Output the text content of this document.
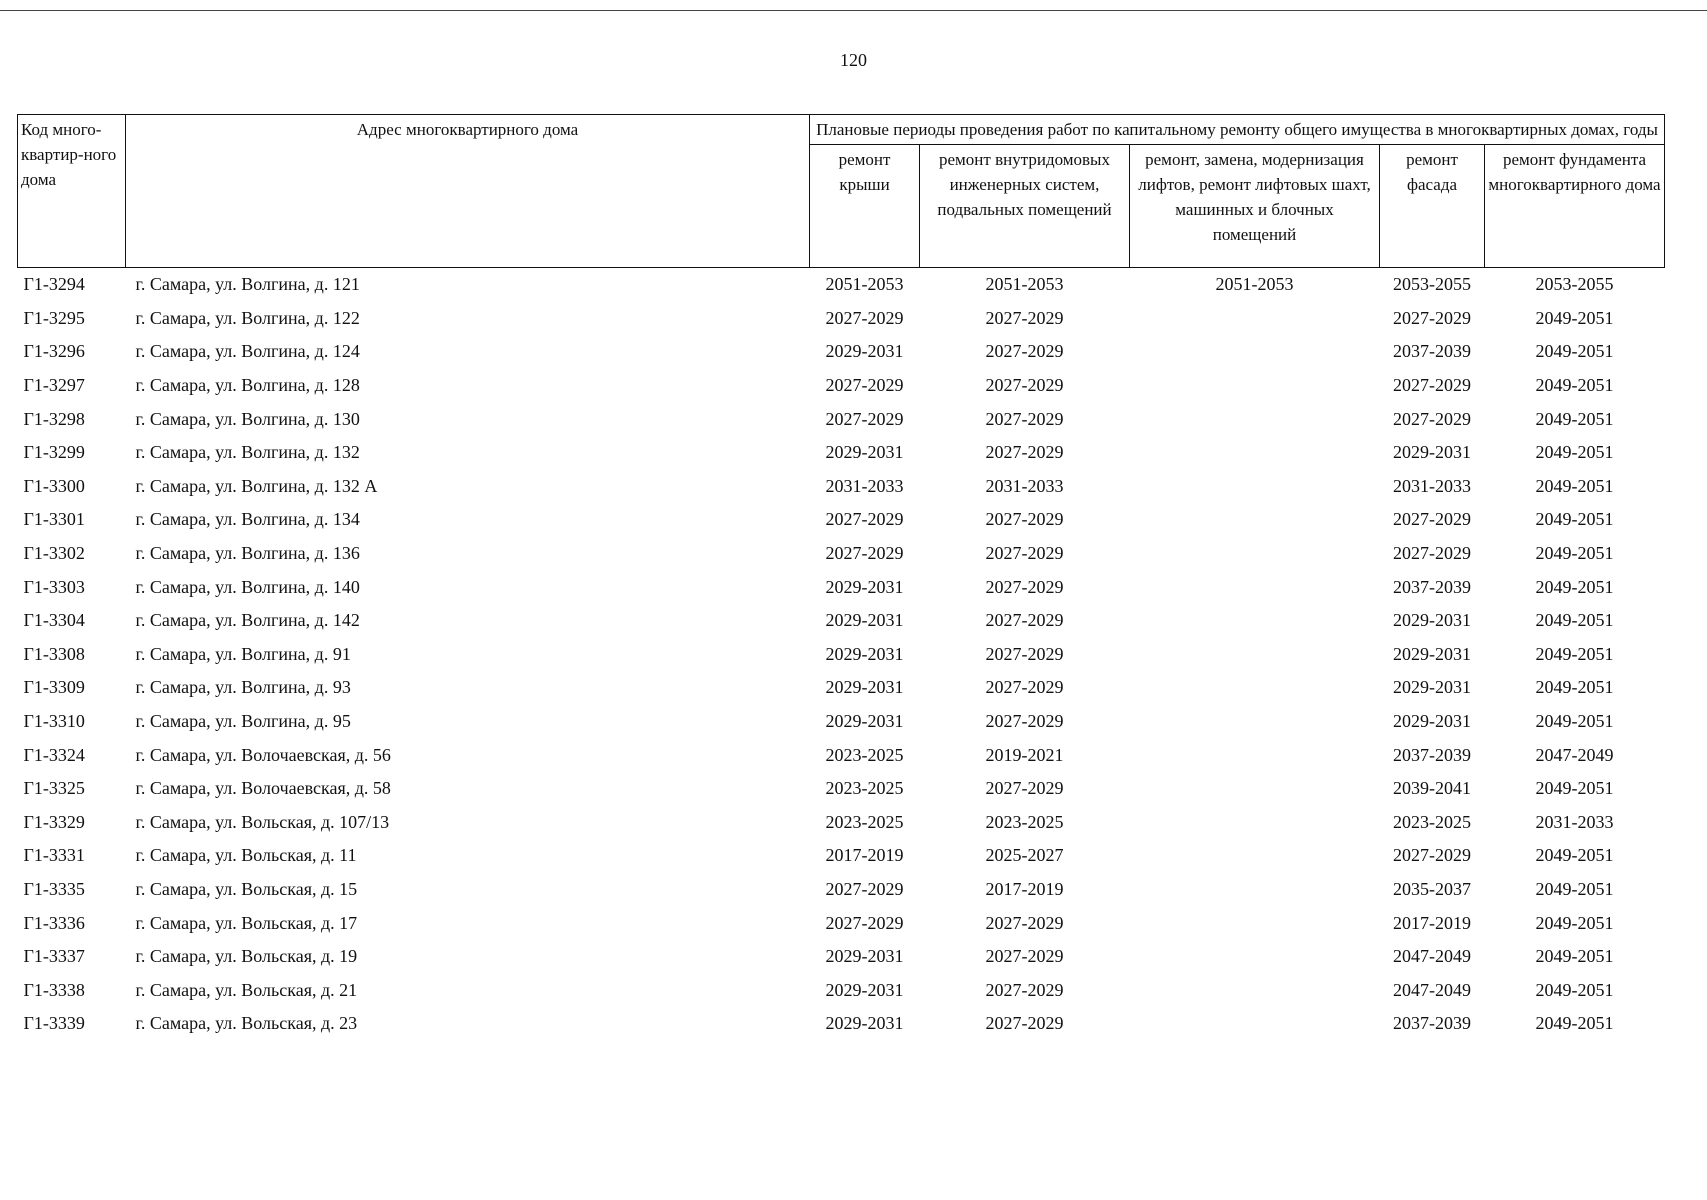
120
Код много-квартир-ного дома	Адрес многоквартирного дома	Плановые периоды проведения работ по капитальному ремонту общего имущества в многоквартирных домах, годы				
		ремонт крыши	ремонт внутридомовых инженерных систем, подвальных помещений	ремонт, замена, модернизация лифтов, ремонт лифтовых шахт, машинных и блочных помещений	ремонт фасада	ремонт фундамента многоквартирного дома
Г1-3294	г. Самара, ул. Волгина, д. 121	2051-2053	2051-2053	2051-2053	2053-2055	2053-2055
Г1-3295	г. Самара, ул. Волгина, д. 122	2027-2029	2027-2029		2027-2029	2049-2051
Г1-3296	г. Самара, ул. Волгина, д. 124	2029-2031	2027-2029		2037-2039	2049-2051
Г1-3297	г. Самара, ул. Волгина, д. 128	2027-2029	2027-2029		2027-2029	2049-2051
Г1-3298	г. Самара, ул. Волгина, д. 130	2027-2029	2027-2029		2027-2029	2049-2051
Г1-3299	г. Самара, ул. Волгина, д. 132	2029-2031	2027-2029		2029-2031	2049-2051
Г1-3300	г. Самара, ул. Волгина, д. 132 А	2031-2033	2031-2033		2031-2033	2049-2051
Г1-3301	г. Самара, ул. Волгина, д. 134	2027-2029	2027-2029		2027-2029	2049-2051
Г1-3302	г. Самара, ул. Волгина, д. 136	2027-2029	2027-2029		2027-2029	2049-2051
Г1-3303	г. Самара, ул. Волгина, д. 140	2029-2031	2027-2029		2037-2039	2049-2051
Г1-3304	г. Самара, ул. Волгина, д. 142	2029-2031	2027-2029		2029-2031	2049-2051
Г1-3308	г. Самара, ул. Волгина, д. 91	2029-2031	2027-2029		2029-2031	2049-2051
Г1-3309	г. Самара, ул. Волгина, д. 93	2029-2031	2027-2029		2029-2031	2049-2051
Г1-3310	г. Самара, ул. Волгина, д. 95	2029-2031	2027-2029		2029-2031	2049-2051
Г1-3324	г. Самара, ул. Волочаевская, д. 56	2023-2025	2019-2021		2037-2039	2047-2049
Г1-3325	г. Самара, ул. Волочаевская, д. 58	2023-2025	2027-2029		2039-2041	2049-2051
Г1-3329	г. Самара, ул. Вольская, д. 107/13	2023-2025	2023-2025		2023-2025	2031-2033
Г1-3331	г. Самара, ул. Вольская, д. 11	2017-2019	2025-2027		2027-2029	2049-2051
Г1-3335	г. Самара, ул. Вольская, д. 15	2027-2029	2017-2019		2035-2037	2049-2051
Г1-3336	г. Самара, ул. Вольская, д. 17	2027-2029	2027-2029		2017-2019	2049-2051
Г1-3337	г. Самара, ул. Вольская, д. 19	2029-2031	2027-2029		2047-2049	2049-2051
Г1-3338	г. Самара, ул. Вольская, д. 21	2029-2031	2027-2029		2047-2049	2049-2051
Г1-3339	г. Самара, ул. Вольская, д. 23	2029-2031	2027-2029		2037-2039	2049-2051
